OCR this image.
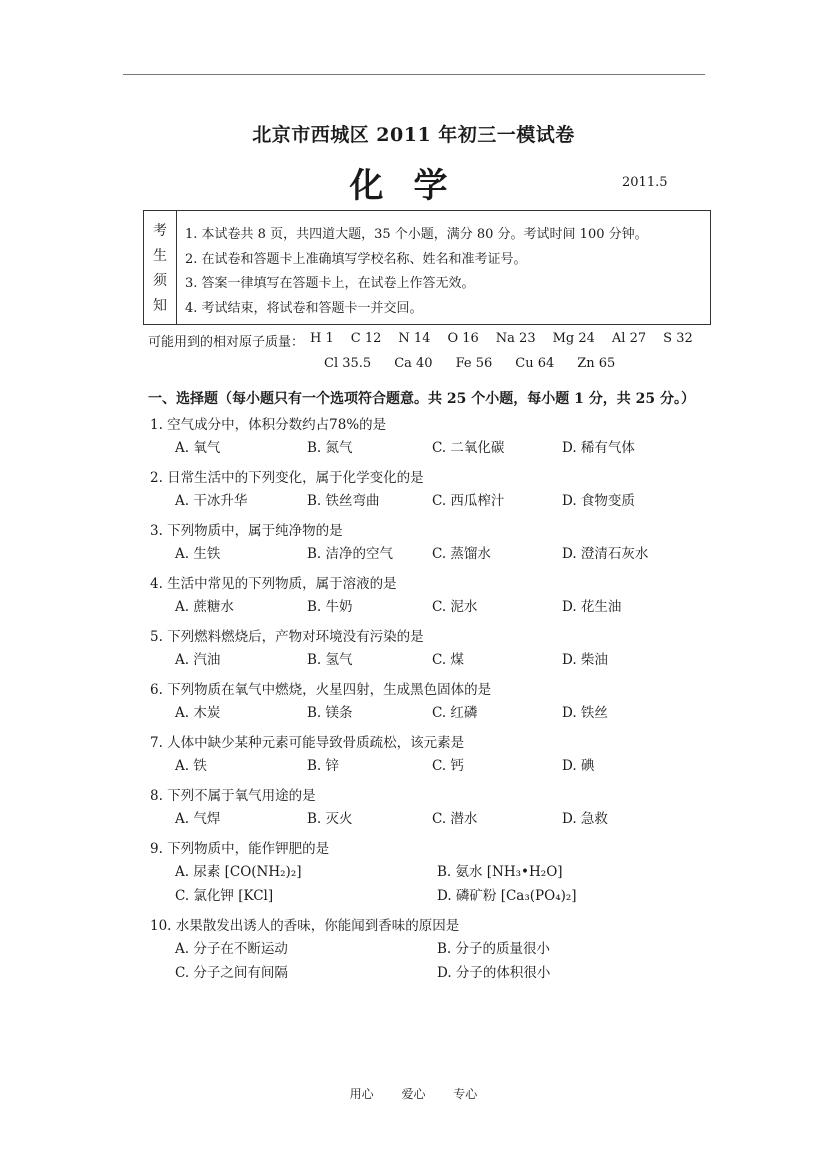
北京市西城区 2011 年初三一模试卷
化学	2011.5
考
生
须
知
1. 本试卷共 8 页，共四道大题，35 个小题，满分 80 分。考试时间 100 分钟。
2. 在试卷和答题卡上准确填写学校名称、姓名和准考证号。
3. 答案一律填写在答题卡上，在试卷上作答无效。
4. 考试结束，将试卷和答题卡一并交回。
可能用到的相对原子质量： H 1 C 12 N 14 O 16 Na 23 Mg 24 Al 27 S 32
Cl 35.5 Ca 40 Fe 56 Cu 64 Zn 65
一、选择题（每小题只有一个选项符合题意。共 25 个小题，每小题 1 分，共 25 分。）
1. 空气成分中，体积分数约占78%的是
A. 氧气	B. 氮气	C. 二氧化碳	D. 稀有气体
2. 日常生活中的下列变化，属于化学变化的是
A. 干冰升华	B. 铁丝弯曲	C. 西瓜榨汁	D. 食物变质
3. 下列物质中，属于纯净物的是
A. 生铁	B. 洁净的空气	C. 蒸馏水	D. 澄清石灰水
4. 生活中常见的下列物质，属于溶液的是
A. 蔗糖水	B. 牛奶	C. 泥水	D. 花生油
5. 下列燃料燃烧后，产物对环境没有污染的是
A. 汽油	B. 氢气	C. 煤	D. 柴油
6. 下列物质在氧气中燃烧，火星四射，生成黑色固体的是
A. 木炭	B. 镁条	C. 红磷	D. 铁丝
7. 人体中缺少某种元素可能导致骨质疏松，该元素是
A. 铁	B. 锌	C. 钙	D. 碘
8. 下列不属于氧气用途的是
A. 气焊	B. 灭火	C. 潜水	D. 急救
9. 下列物质中，能作钾肥的是
A. 尿素 [CO(NH₂)₂]	B. 氨水 [NH₃•H₂O]
C. 氯化钾 [KCl]	D. 磷矿粉 [Ca₃(PO₄)₂]
10. 水果散发出诱人的香味，你能闻到香味的原因是
A. 分子在不断运动	B. 分子的质量很小
C. 分子之间有间隔	D. 分子的体积很小
用心 爱心 专心
